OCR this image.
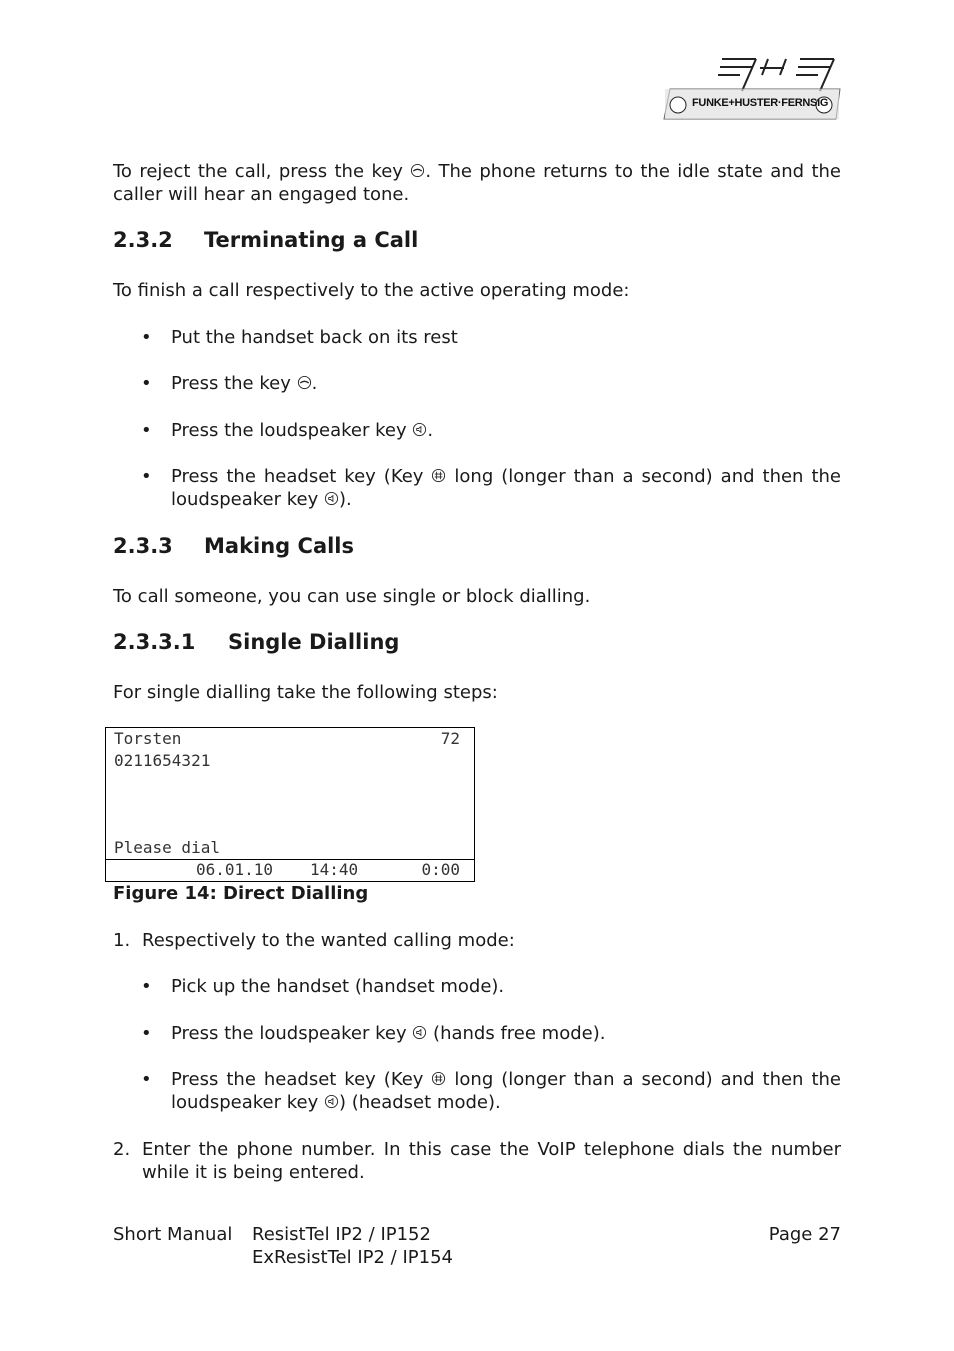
FUNKE+HUSTER·FERNSIG

To reject the call, press the key
. The phone returns to the idle state and the caller will hear an engaged tone.

2.3.2 Terminating a Call

To finish a call respectively to the active operating mode:

• Put the handset back on its rest
• Press the key
.
• Press the loudspeaker key
.
• Press the headset key (Key
long (longer than a second) and then the loudspeaker key
).
2.3.3 Making Calls

To call someone, you can use single or block dialling.

2.3.3.1 Single Dialling

For single dialling take the following steps:

Torsten	72
0211654321
Please dial
06.01.10 14:40	0:00
Figure 14: Direct Dialling
1. Respectively to the wanted calling mode:
• Pick up the handset (handset mode).
• Press the loudspeaker key
(hands free mode).
• Press the headset key (Key
long (longer than a second) and then the loudspeaker key
) (headset mode).
2. Enter the phone number. In this case the VoIP telephone dials the number while it is being entered.
Short Manual ResistTel IP2 / IP152
ExResistTel IP2 / IP154
Page 27
